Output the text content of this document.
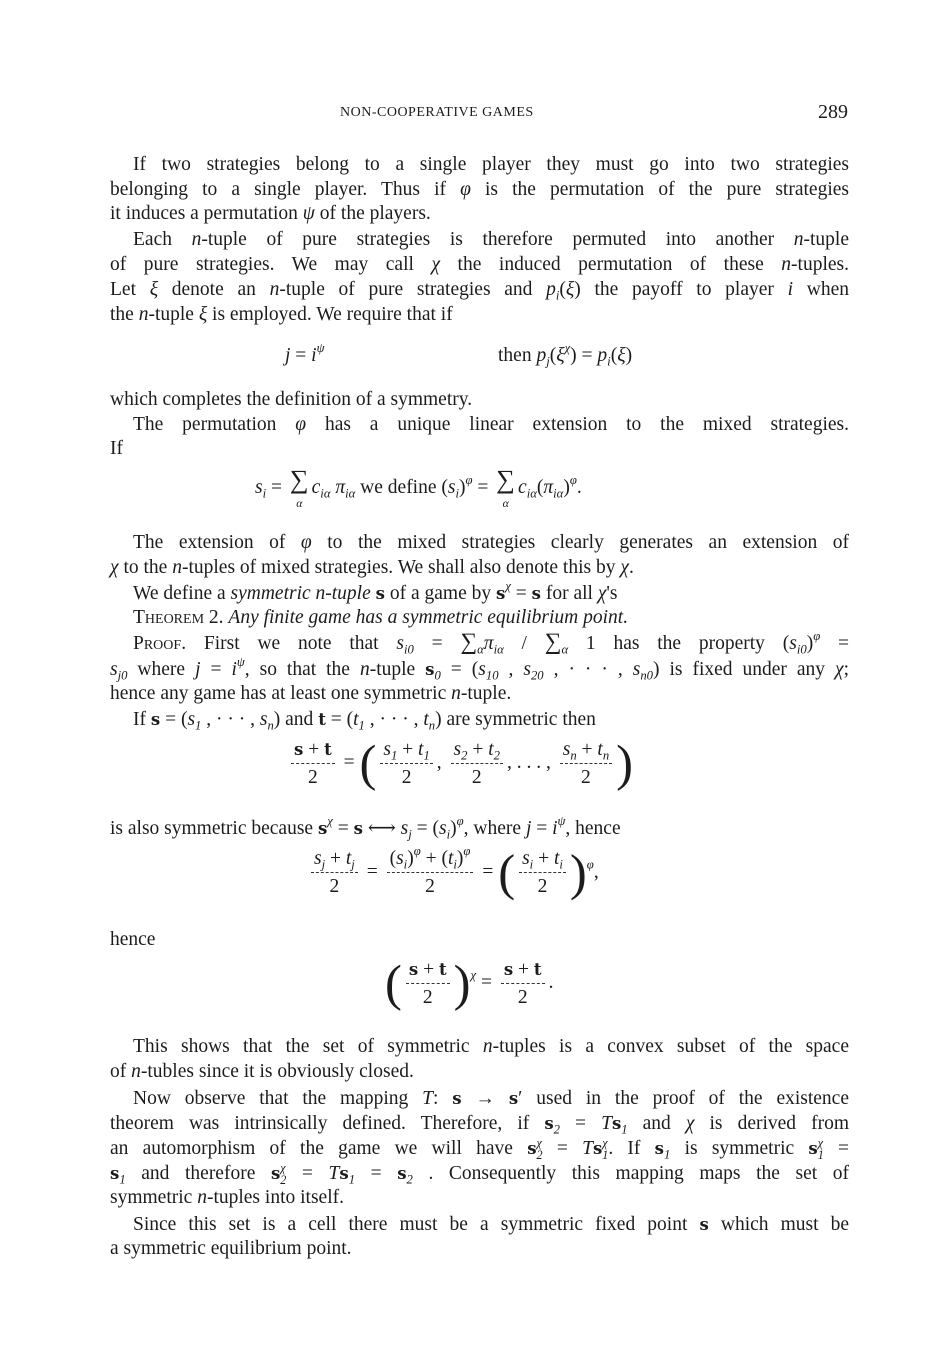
NON-COOPERATIVE GAMES	289
If two strategies belong to a single player they must go into two strategies
belonging to a single player. Thus if φ is the permutation of the pure strategies
it induces a permutation ψ of the players.
Each n-tuple of pure strategies is therefore permuted into another n-tuple
of pure strategies. We may call χ the induced permutation of these n-tuples.
Let ξ denote an n-tuple of pure strategies and $p_i(\xi)$ the payoff to player i when
the n-tuple ξ is employed. We require that if
$j = i^\psi$	then $p_j(\xi^\chi) = p_i(\xi)$
which completes the definition of a symmetry.
The permutation φ has a unique linear extension to the mixed strategies.
If
$s_i$ = ∑
α
$c_{i\alpha}$ $\pi_{i\alpha}$ we define $(s_i)^\varphi$ = ∑
α
$c_{i\alpha}(\pi_{i\alpha})^\varphi$.
The extension of φ to the mixed strategies clearly generates an extension of
χ to the n-tuples of mixed strategies. We shall also denote this by χ.
We define a symmetric n-tuple s of a game by $s^\chi = s$ for all χ's
Theorem 2. Any finite game has a symmetric equilibrium point.
Proof. First we note that $s_{i0} = \sum_\alpha\pi_{i\alpha} / \sum_\alpha$ 1 has the property $(s_{i0})^\varphi$ =
$s_{j0}$ where $j = i^\psi$, so that the n-tuple $s_0 = (s_{10}$ , $s_{20}$ , · · · , $s_{n0}$) is fixed under any χ;
hence any game has at least one symmetric n-tuple.
If $s = (s_1$ , · · · , $s_n$) and $t = (t_1$ , · · · , $t_n$) are symmetric then
$\frac{s + t}{2}$ = ( $\frac{s_1 + t_1}{2}$ , $\frac{s_2 + t_2}{2}$ , . . . , $\frac{s_n + t_n}{2}$ )
is also symmetric because $s^\chi = s$ ⟷ $s_j = (s_i)^\varphi$, where $j = i^\psi$, hence
$\frac{s_j + t_j}{2} = \frac{(s_i)^\varphi + (t_i)^\varphi}{2}$ = ( $\frac{s_i + t_i}{2} )^\varphi$,
hence
( $\frac{s + t}{2} )^\chi = \frac{s + t}{2}$ .
This shows that the set of symmetric n-tuples is a convex subset of the space
of n-tubles since it is obviously closed.
Now observe that the mapping T: s → s′ used in the proof of the existence
theorem was intrinsically defined. Therefore, if $s_2 = Ts_1$ and χ is derived from
an automorphism of the game we will have s χ
2 = Ts χ
1 . If $s_1$ is symmetric s χ
1 =
$s_1$ and therefore s χ
$2 = Ts_1 = s_2$ . Consequently this mapping maps the set of
symmetric n-tuples into itself.
Since this set is a cell there must be a symmetric fixed point s which must be
a symmetric equilibrium point.
